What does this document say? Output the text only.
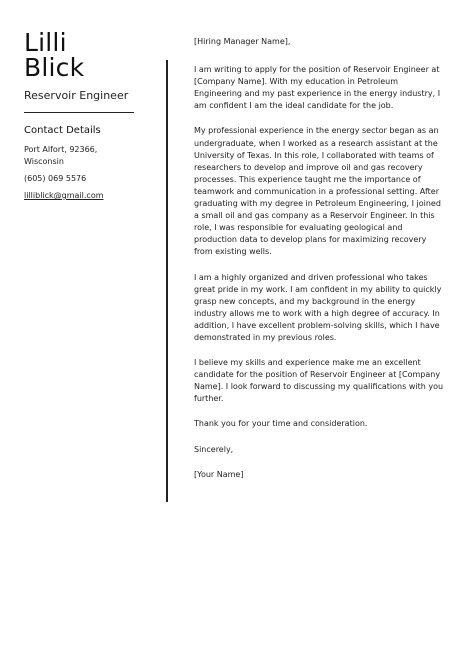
Lilli
Blick
Reservoir Engineer
Contact Details
Port Alfort, 92366,
Wisconsin
(605) 069 5576
lilliblick@gmail.com

[Hiring Manager Name],

I am writing to apply for the position of Reservoir Engineer at [Company Name]. With my education in Petroleum Engineering and my past experience in the energy industry, I am confident I am the ideal candidate for the job.

My professional experience in the energy sector began as an undergraduate, when I worked as a research assistant at the University of Texas. In this role, I collaborated with teams of researchers to develop and improve oil and gas recovery processes. This experience taught me the importance of teamwork and communication in a professional setting. After graduating with my degree in Petroleum Engineering, I joined a small oil and gas company as a Reservoir Engineer. In this role, I was responsible for evaluating geological and production data to develop plans for maximizing recovery from existing wells.

I am a highly organized and driven professional who takes great pride in my work. I am confident in my ability to quickly grasp new concepts, and my background in the energy industry allows me to work with a high degree of accuracy. In addition, I have excellent problem-solving skills, which I have demonstrated in my previous roles.

I believe my skills and experience make me an excellent candidate for the position of Reservoir Engineer at [Company Name]. I look forward to discussing my qualifications with you further.

Thank you for your time and consideration.

Sincerely,

[Your Name]
